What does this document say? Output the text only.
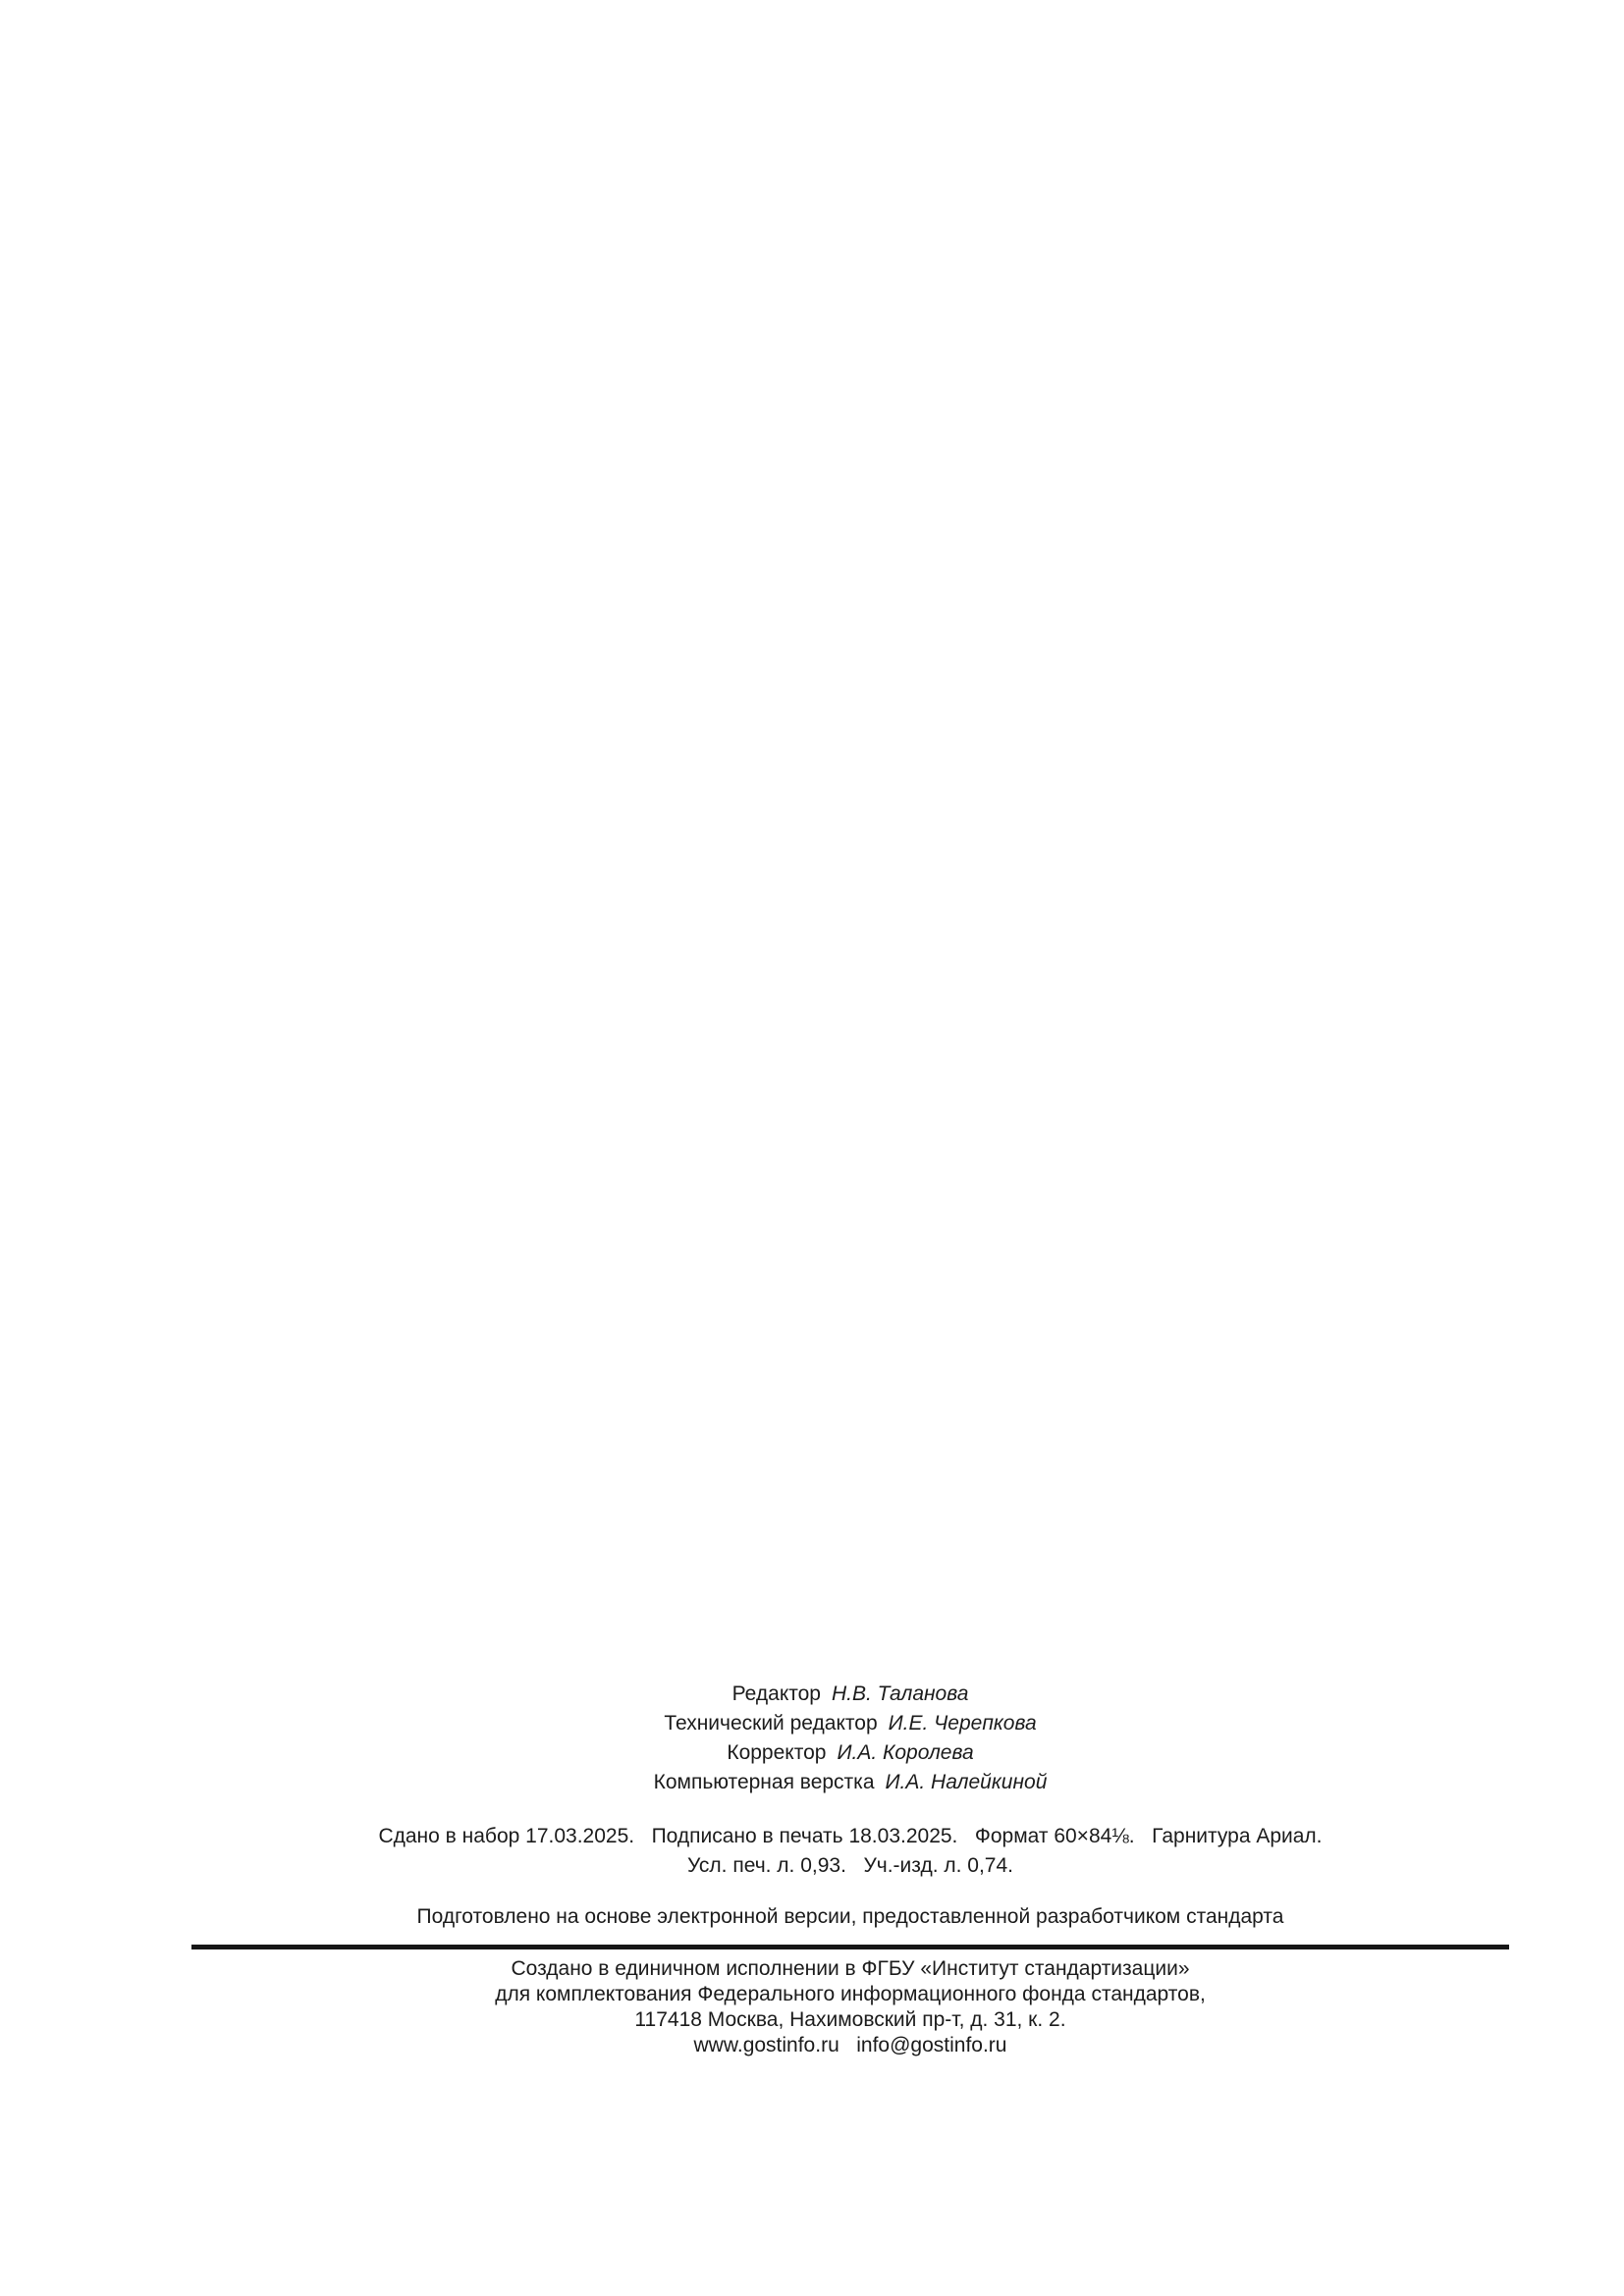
Редактор Н.В. Таланова
Технический редактор И.Е. Черепкова
Корректор И.А. Королева
Компьютерная верстка И.А. Налейкиной
Сдано в набор 17.03.2025.   Подписано в печать 18.03.2025.   Формат 60×84⅛.   Гарнитура Ариал.
Усл. печ. л. 0,93.   Уч.-изд. л. 0,74.
Подготовлено на основе электронной версии, предоставленной разработчиком стандарта
Создано в единичном исполнении в ФГБУ «Институт стандартизации»
для комплектования Федерального информационного фонда стандартов,
117418 Москва, Нахимовский пр-т, д. 31, к. 2.
www.gostinfo.ru   info@gostinfo.ru
